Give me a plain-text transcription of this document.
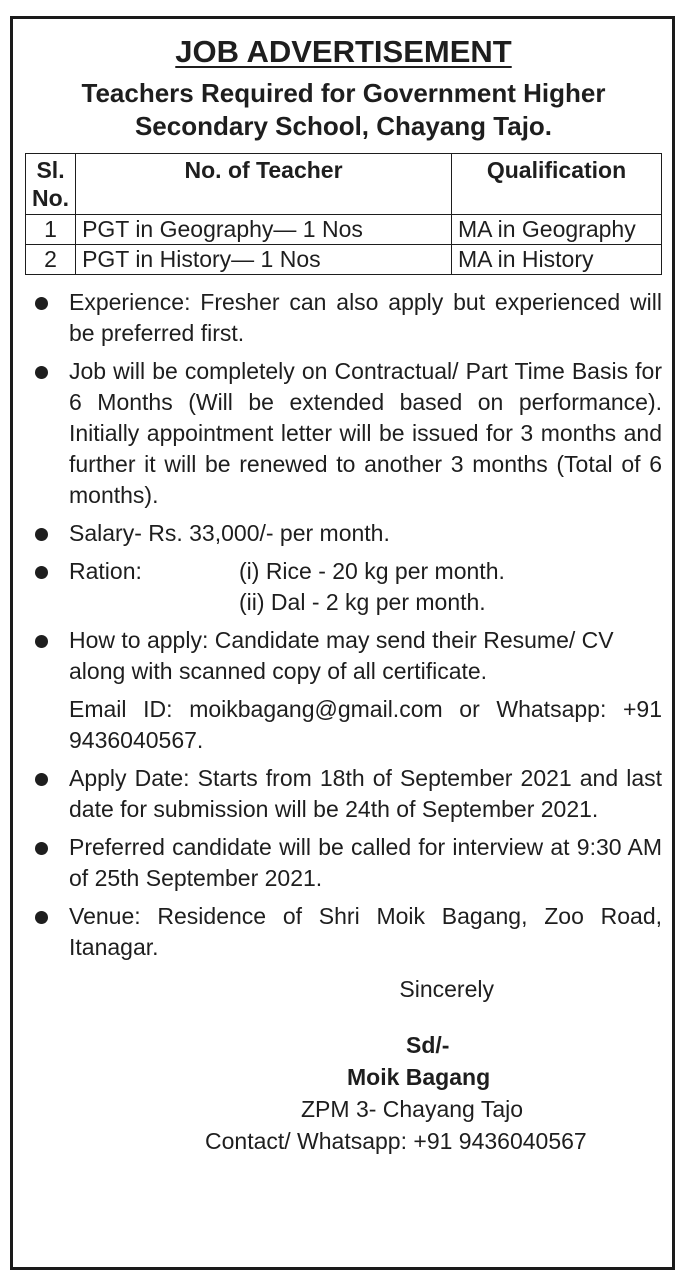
JOB ADVERTISEMENT
Teachers Required for Government Higher
Secondary School, Chayang Tajo.
Sl.
No.	No. of Teacher	Qualification
1	PGT in Geography— 1 Nos	MA in Geography
2	PGT in History— 1 Nos	MA in History
Experience: Fresher can also apply but experienced will be preferred first.
Job will be completely on Contractual/ Part Time Basis for 6 Months (Will be extended based on performance). Initially appointment letter will be issued for 3 months and further it will be renewed to another 3 months (Total of 6 months).
Salary- Rs. 33,000/- per month.
Ration:	(i) Rice - 20 kg per month.
(ii) Dal - 2 kg per month.
How to apply: Candidate may send their Resume/ CV along with scanned copy of all certificate.
Email ID: moikbagang@gmail.com or Whatsapp: +91 9436040567.
Apply Date: Starts from 18th of September 2021 and last date for submission will be 24th of September 2021.
Preferred candidate will be called for interview at 9:30 AM of 25th September 2021.
Venue: Residence of Shri Moik Bagang, Zoo Road, Itanagar.
Sincerely
Sd/-
Moik Bagang
ZPM 3- Chayang Tajo
Contact/ Whatsapp: +91 9436040567
